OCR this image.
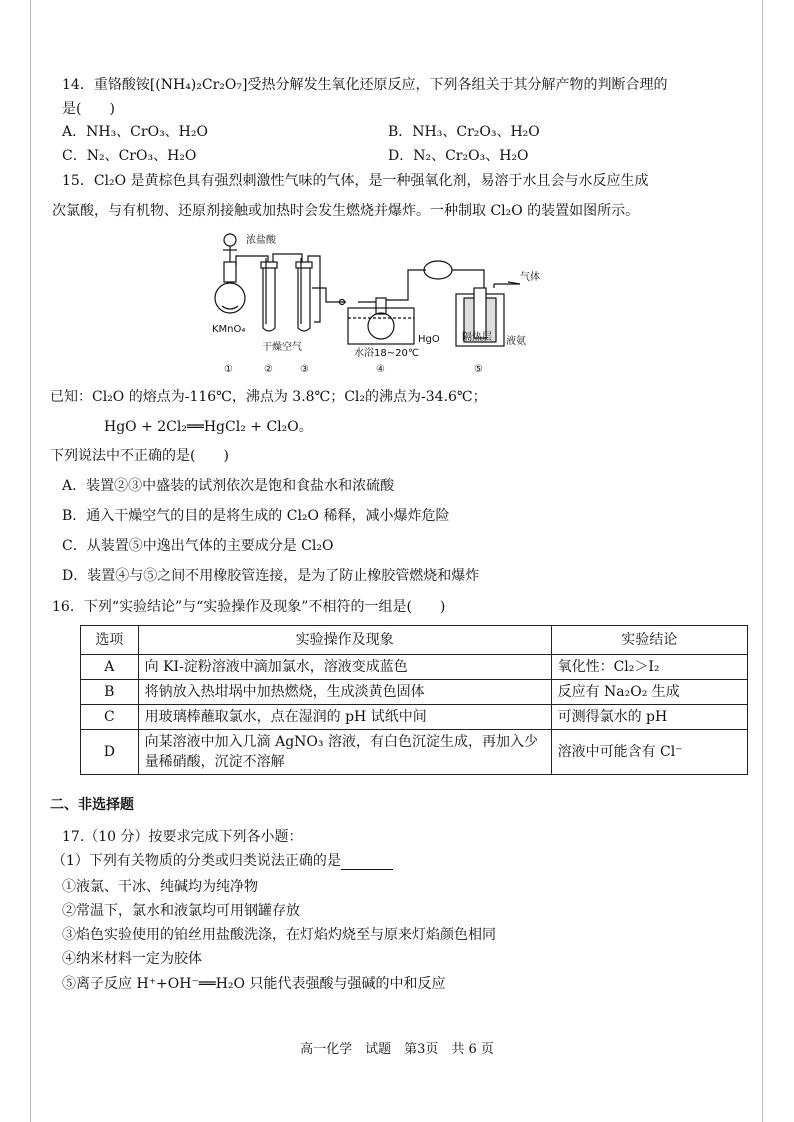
14．重铬酸铵[(NH₄)₂Cr₂O₇]受热分解发生氧化还原反应，下列各组关于其分解产物的判断合理的
是(　　)
A．NH₃、CrO₃、H₂O	B．NH₃、Cr₂O₃、H₂O
C．N₂、CrO₃、H₂O	D．N₂、Cr₂O₃、H₂O
15．Cl₂O 是黄棕色具有强烈刺激性气味的气体，是一种强氧化剂，易溶于水且会与水反应生成
次氯酸，与有机物、还原剂接触或加热时会发生燃烧并爆炸。一种制取 Cl₂O 的装置如图所示。
浓盐酸
KMnO₄
干燥空气
HgO
水浴18~20℃
气体
隔热层 液氨
①	②	③	④	⑤
已知：Cl₂O 的熔点为-116℃，沸点为 3.8℃；Cl₂的沸点为-34.6℃；
HgO + 2Cl₂══HgCl₂ + Cl₂O。
下列说法中不正确的是(　　)
A．装置②③中盛装的试剂依次是饱和食盐水和浓硫酸
B．通入干燥空气的目的是将生成的 Cl₂O 稀释，减小爆炸危险
C．从装置⑤中逸出气体的主要成分是 Cl₂O
D．装置④与⑤之间不用橡胶管连接，是为了防止橡胶管燃烧和爆炸
16．下列“实验结论”与“实验操作及现象”不相符的一组是(　　)
选项	实验操作及现象	实验结论
A	向 KI-淀粉溶液中滴加氯水，溶液变成蓝色	氧化性：Cl₂＞I₂
B	将钠放入热坩埚中加热燃烧，生成淡黄色固体	反应有 Na₂O₂ 生成
C	用玻璃棒蘸取氯水，点在湿润的 pH 试纸中间	可测得氯水的 pH
D	向某溶液中加入几滴 AgNO₃ 溶液，有白色沉淀生成，再加入少量稀硝酸，沉淀不溶解	溶液中可能含有 Cl⁻
二、非选择题
17.（10 分）按要求完成下列各小题：
（1）下列有关物质的分类或归类说法正确的是
①液氯、干冰、纯碱均为纯净物
②常温下，氯水和液氯均可用钢罐存放
③焰色实验使用的铂丝用盐酸洗涤，在灯焰灼烧至与原来灯焰颜色相同
④纳米材料一定为胶体
⑤离子反应 H⁺+OH⁻══H₂O 只能代表强酸与强碱的中和反应
高一化学　试题　第3页　共 6 页
